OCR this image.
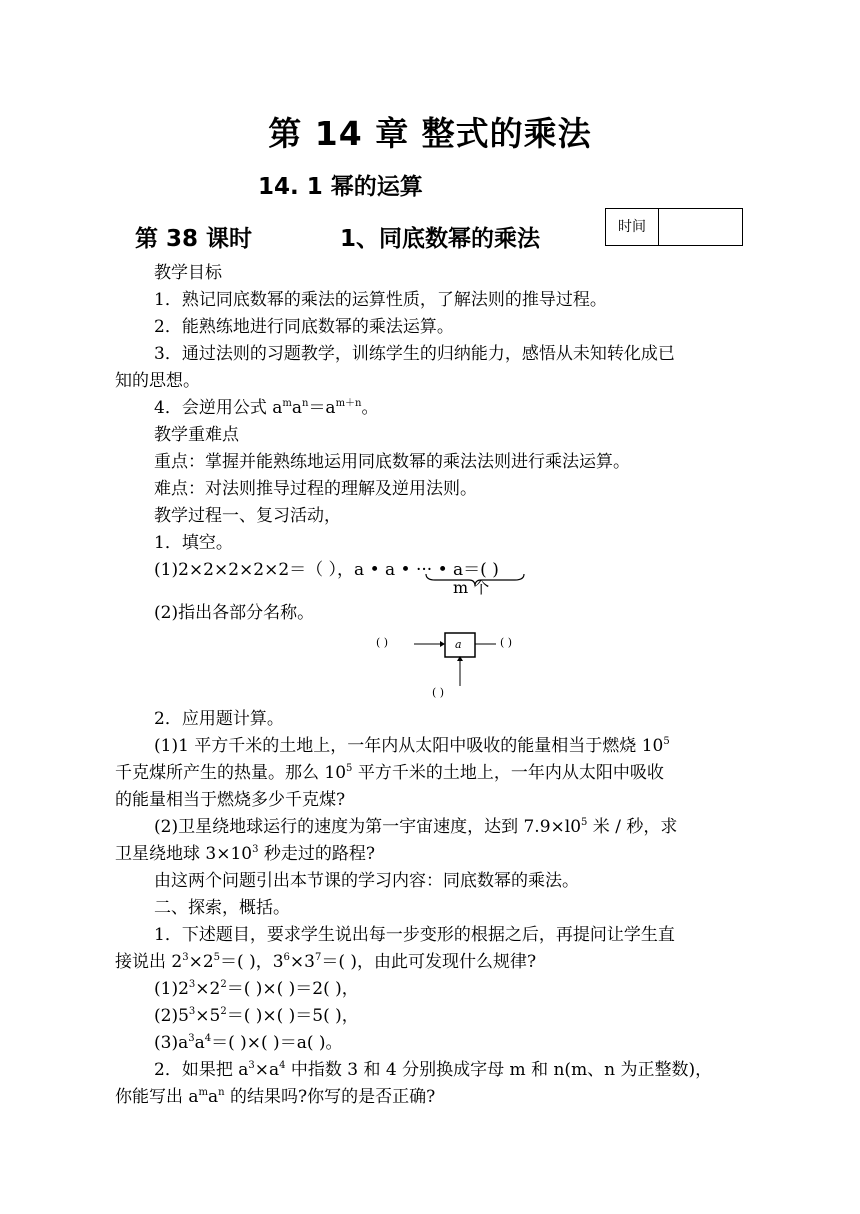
第 14 章 整式的乘法
14. 1 幂的运算
第 38 课时	1、同底数幂的乘法	时间
教学目标
1．熟记同底数幂的乘法的运算性质，了解法则的推导过程。
2．能熟练地进行同底数幂的乘法运算。
3．通过法则的习题教学，训练学生的归纳能力，感悟从未知转化成已
知的思想。
4．会逆用公式 $a^ma^n=a^{m+n}$。
教学重难点
重点：掌握并能熟练地运用同底数幂的乘法法则进行乘法运算。
难点：对法则推导过程的理解及逆用法则。
教学过程一、复习活动，
1．填空。
(1)2×2×2×2×2＝（ ），a • a • ··· • a＝( )
m 个
(2)指出各部分名称。
( )	a	( )
( )
2．应用题计算。
(1)1 平方千米的土地上，一年内从太阳中吸收的能量相当于燃烧 $10^5$
千克煤所产生的热量。那么 $10^5$ 平方千米的土地上，一年内从太阳中吸收
的能量相当于燃烧多少千克煤?
(2)卫星绕地球运行的速度为第一宇宙速度，达到 $7.9\times l0^5$ 米 / 秒，求
卫星绕地球 $3\times 10^3$ 秒走过的路程?
由这两个问题引出本节课的学习内容：同底数幂的乘法。
二、探索，概括。
1．下述题目，要求学生说出每一步变形的根据之后，再提问让学生直
接说出 $2^3\times 2^5=$( )，$3^6\times 3^7=$( )，由此可发现什么规律?
$(1)2^3\times 2^2=$( )×( )＝2( )，
$(2)5^3\times 5^2=$( )×( )＝5( )，
$(3)a^3a^4=$( )×( )＝a( )。
2．如果把 $a^3\times a^4$ 中指数 3 和 4 分别换成字母 m 和 n(m、n 为正整数)，
你能写出 $a^ma^n$ 的结果吗?你写的是否正确?
